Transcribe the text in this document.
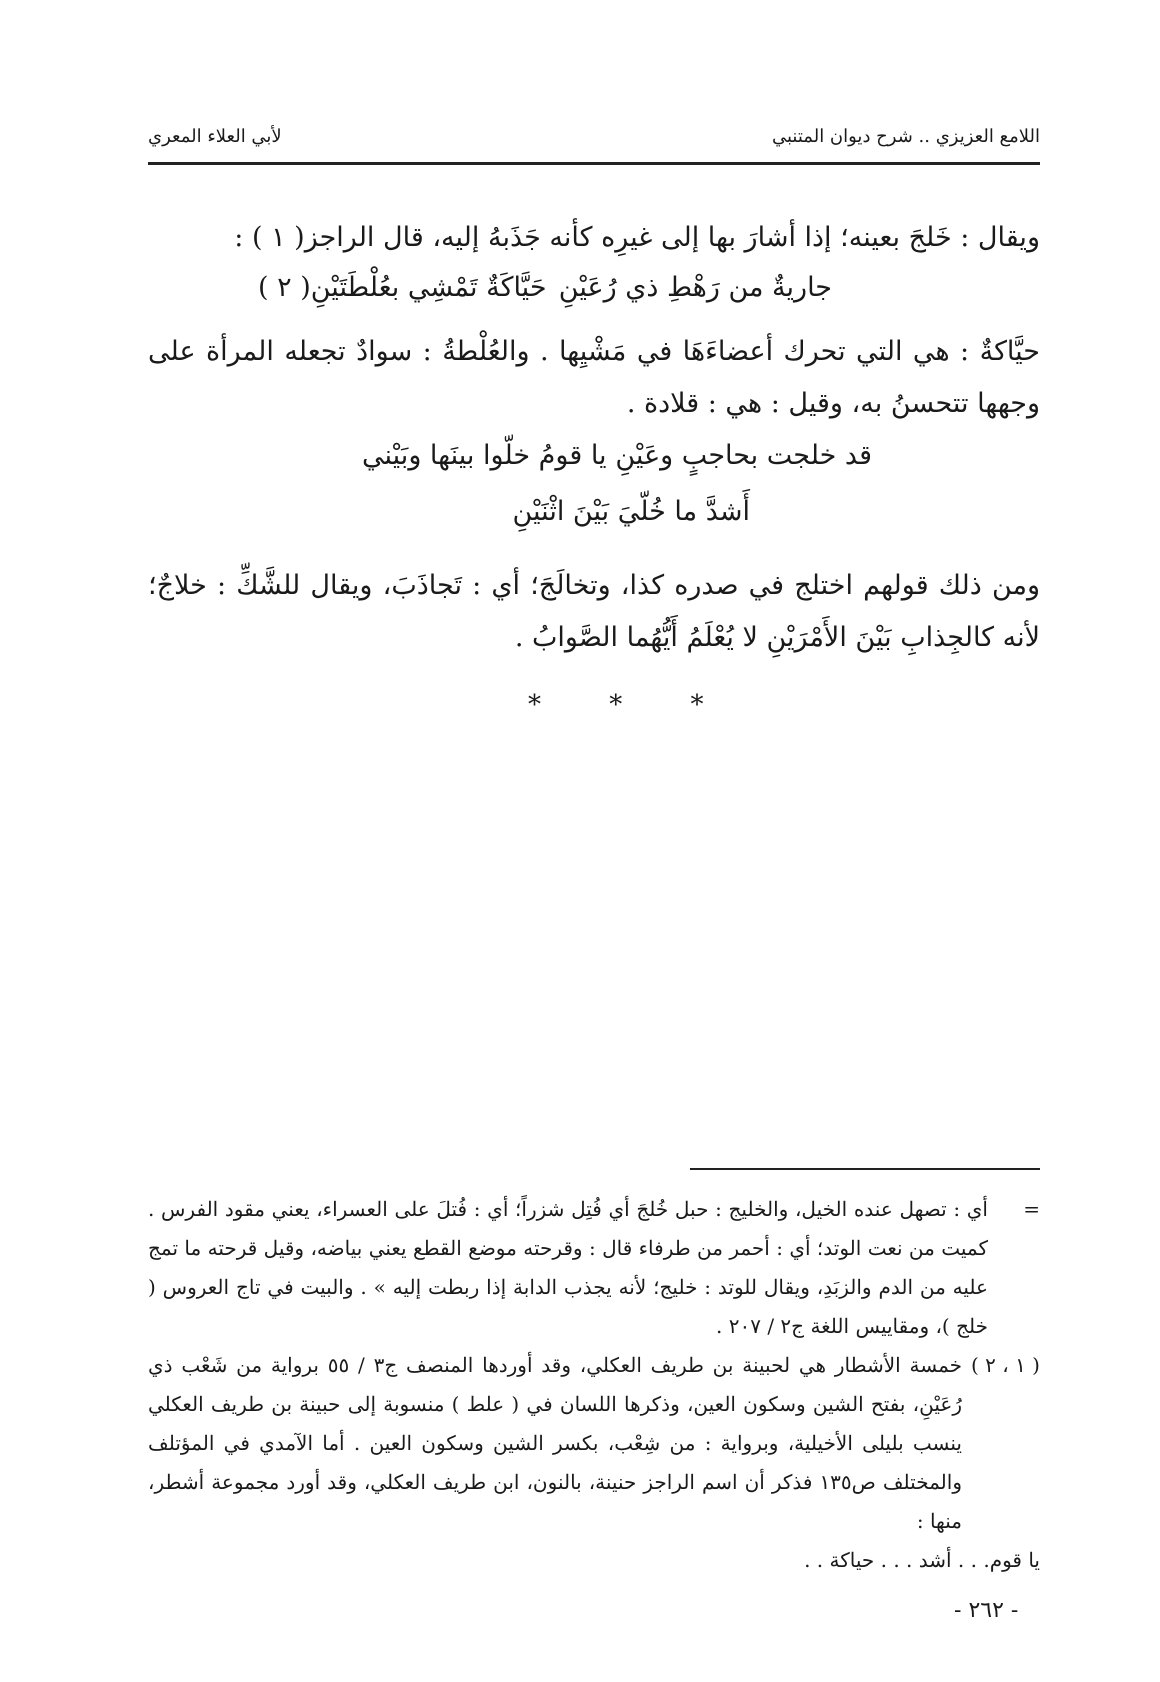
اللامع العزيزي .. شرح ديوان المتنبي
لأبي العلاء المعري

ويقال : خَلجَ بعينه؛ إذا أشارَ بها إلى غيرِه كأنه جَذَبهُ إليه، قال الراجز( ١ ) :

جاريةٌ من رَهْطِ ذي رُعَيْنِ
حَيَّاكَةٌ تَمْشِي بعُلْطَتَيْنِ( ٢ )

حيَّاكةٌ : هي التي تحرك أعضاءَهَا في مَشْيِها . والعُلْطةُ : سوادٌ تجعله المرأة على وجهها تتحسنُ به، وقيل : هي : قلادة .

قد خلجت بحاجبٍ وعَيْنِ
يا قومُ خلّوا بينَها وبَيْني
أَشدَّ ما خُلّيَ بَيْنَ اثْنَيْنِ

ومن ذلك قولهم اختلج في صدره كذا، وتخالَجَ؛ أي : تَجاذَبَ، ويقال للشَّكِّ : خلاجٌ؛ لأنه كالجِذابِ بَيْنَ الأَمْرَيْنِ لا يُعْلَمُ أَيُّهُما الصَّوابُ .

* * *

=
أي : تصهل عنده الخيل، والخليج : حبل خُلجَ أي فُتِل شزراً؛ أي : فُتلَ على العسراء، يعني مقود الفرس . كميت من نعت الوتد؛ أي : أحمر من طرفاء قال : وقرحته موضع القطع يعني بياضه، وقيل قرحته ما تمج عليه من الدم والزبَدِ، ويقال للوتد : خليج؛ لأنه يجذب الدابة إذا ربطت إليه » . والبيت في تاج العروس ( خلج )، ومقاييس اللغة ج٢ / ٢٠٧ .

( ١ ، ٢ )
خمسة الأشطار هي لحبينة بن طريف العكلي، وقد أوردها المنصف ج٣ / ٥٥ برواية من شَعْب ذي رُعَيْنِ، بفتح الشين وسكون العين، وذكرها اللسان في ( علط ) منسوبة إلى حبينة بن طريف العكلي ينسب بليلى الأخيلية، وبرواية : من شِعْب، بكسر الشين وسكون العين . أما الآمدي في المؤتلف والمختلف ص١٣٥ فذكر أن اسم الراجز حنينة، بالنون، ابن طريف العكلي، وقد أورد مجموعة أشطر، منها :

يا قوم. . . أشد . . . حياكة . .

- ٢٦٢ -
